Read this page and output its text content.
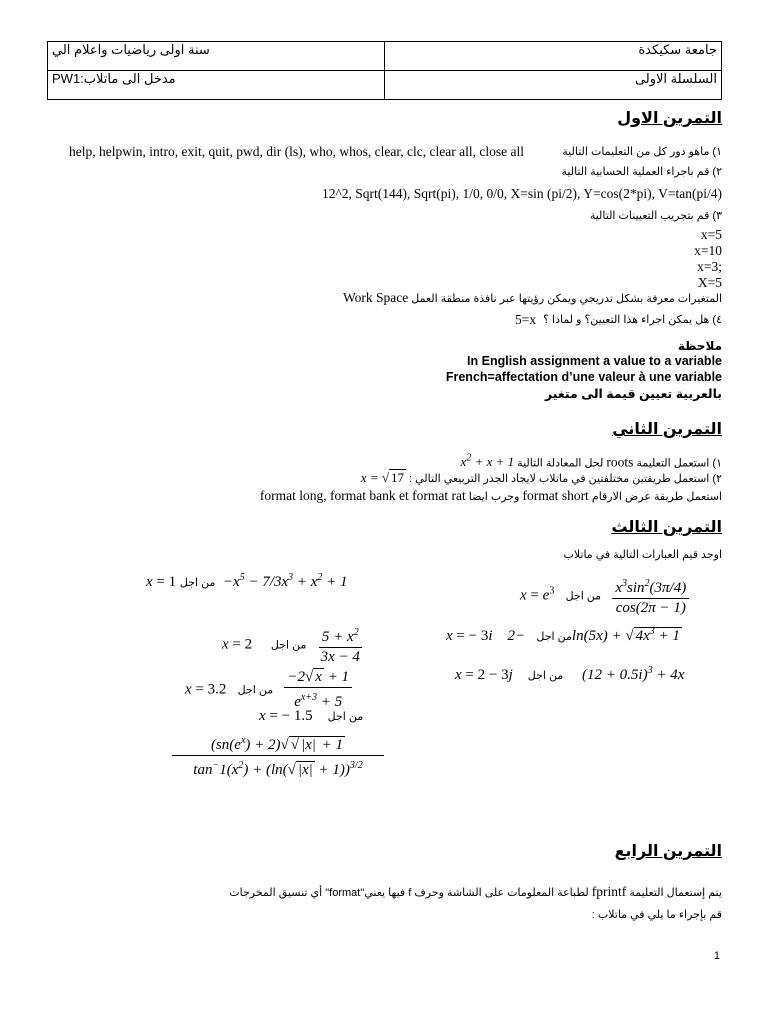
سنة اولى رياضيات واعلام الي	جامعة سكيكدة
PW1:مدخل الى ماتلاب	السلسلة الاولى
التمرين الاول
help, helpwin, intro, exit, quit, pwd, dir (ls), who, whos, clear, clc, clear all, close all	١) ماهو دور كل من التعليمات التالية
٢) قم باجراء العملية الحسابية التالية
12^2, Sqrt(144), Sqrt(pi), 1/0, 0/0, X=sin (pi/2), Y=cos(2*pi), V=tan(pi/4)
٣) قم بتجريب التعيينات التالية
x=5
x=10
x=3;
X=5
Work Space المتغيرات معرفة بشكل تدريجي ويمكن رؤيتها عبر نافذة منطقة العمل
5=x ٤) هل يمكن اجراء هذا التعيين؟ و لماذا ؟
ملاحظة
In English assignment a value to a variable
French=affectation d’une valeur à une variable
بالعربية تعيين قيمة الى متغير
التمرين الثاني
$x^2 + x + 1$ لحل المعادلة التالية roots ١) استعمل التعليمة
x = √ 17 ٢) استعمل طريقتين مختلفتين في ماتلاب لايجاد الجذر التربيعي التالي :
format long, format bank et format rat وجرب ايضا format short استعمل طريقة عرض الارقام
التمرين الثالث
اوجد قيم العبارات التالية في ماتلاب
x = 1 من اجل  $-x^5 - 7/3x^3 + x^2 + 1$
x = 2     من اجل $\frac{5 + x^2}{3x - 4}$
x = 3.2   من اجل $\frac{-2√ x + 1}{e^{x+3} + 5}$
x = − 1.5    من اجل
$\frac{(sn(e^x) + 2)√ √ |x| + 1}{\tan^-1(x^2) + (\ln(√ |x| + 1))^{3/2}}$
$x = e^3$ من اجل $\frac{x^3\sin^2(3\pi/4)}{\cos(2\pi - 1)}$
x = − 3i	من اجل   −2ln(5x) + √ $4x^3 + 1$
x = 2 − 3j من اجل $(0.5 + 12i)^3 + 4x$
التمرين الرابع
لطباعة المعلومات على الشاشة وحرف f فيها يعني"format" أي تنسيق المخرجات fprintf يتم إستعمال التعليمة
قم بإجراء ما يلي في ماتلاب :
1
